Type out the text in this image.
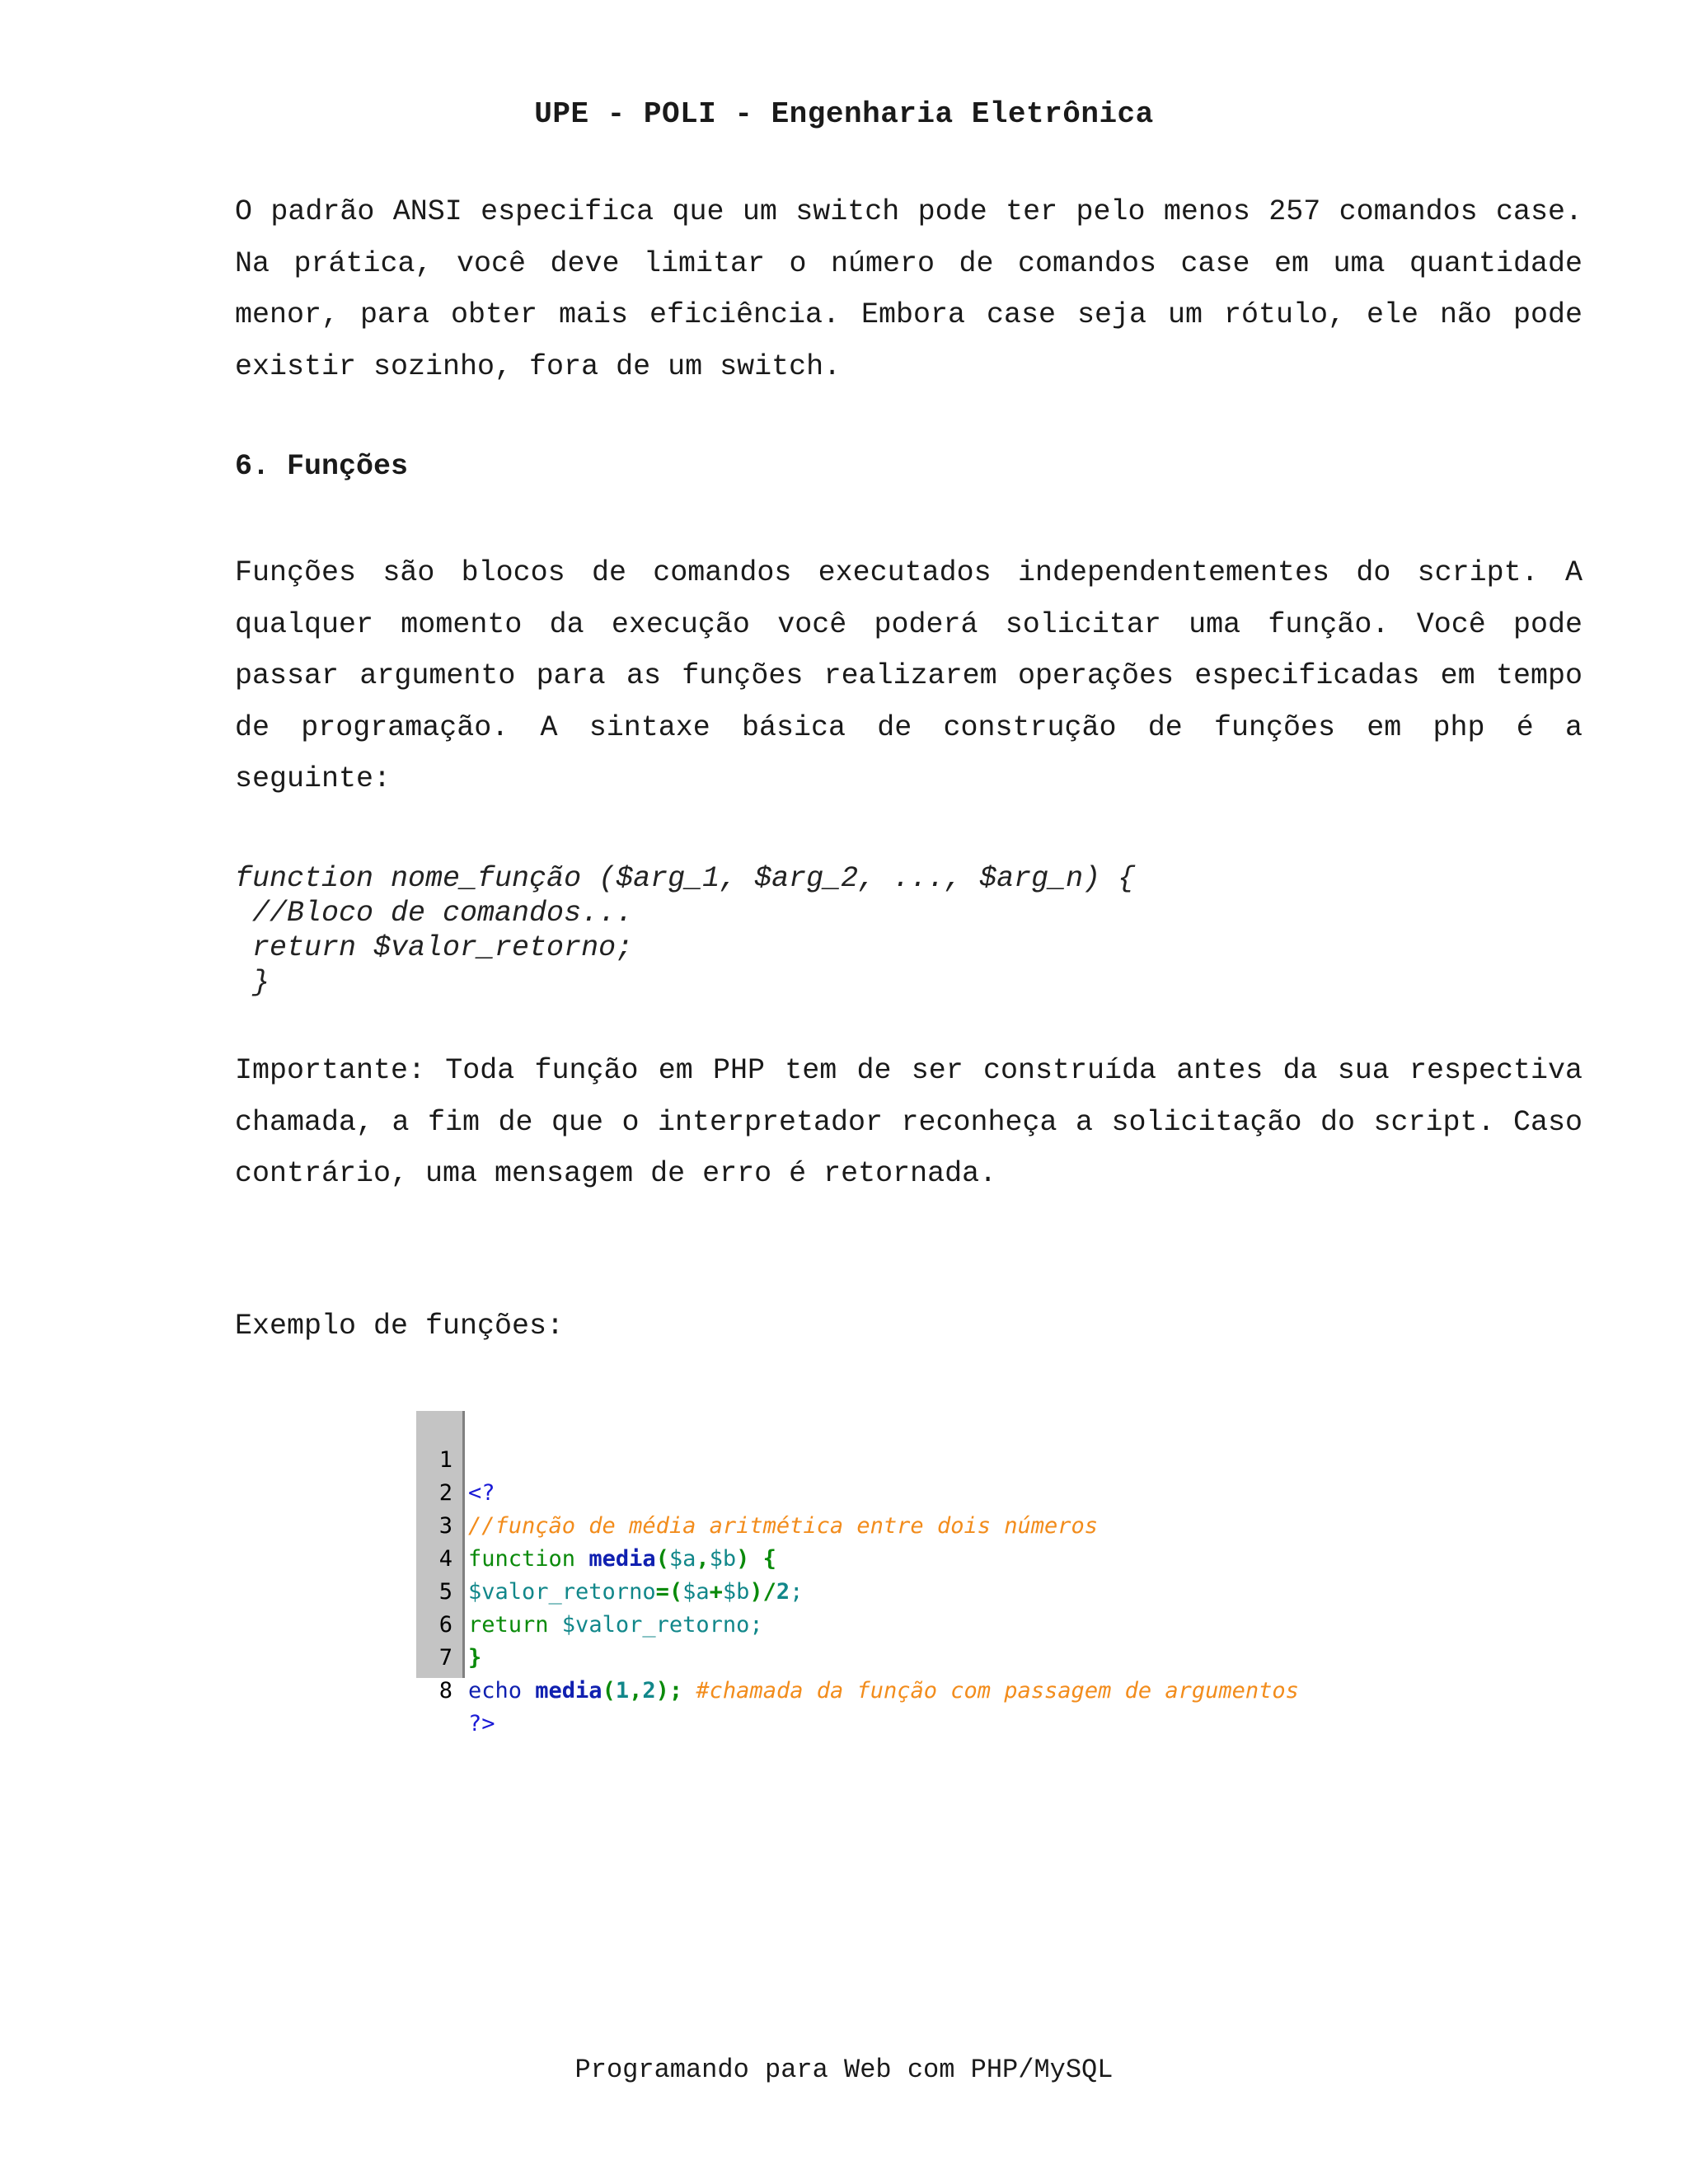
UPE - POLI - Engenharia Eletrônica

O padrão ANSI especifica que um switch pode ter pelo menos 257 comandos case. Na prática, você deve limitar o número de comandos case em uma quantidade menor, para obter mais eficiência. Embora case seja um rótulo, ele não pode existir sozinho, fora de um switch.

6. Funções

Funções são blocos de comandos executados independentementes do script. A qualquer momento da execução você poderá solicitar uma função. Você pode passar argumento para as funções realizarem operações especificadas em tempo de programação. A sintaxe básica de construção de funções em php é a seguinte:

function nome_função ($arg_1, $arg_2, ..., $arg_n) {
//Bloco de comandos...
return $valor_retorno;
}

Importante: Toda função em PHP tem de ser construída antes da sua respectiva chamada, a fim de que o interpretador reconheça a solicitação do script. Caso contrário, uma mensagem de erro é retornada.

Exemplo de funções:

1

<?

2

//função de média aritmética entre dois números

3

function media($a,$b) {

4

$valor_retorno=($a+$b)/2;

5

return $valor_retorno;

6

}

7

echo media(1,2); #chamada da função com passagem de argumentos

8

?>

Programando para Web com PHP/MySQL
